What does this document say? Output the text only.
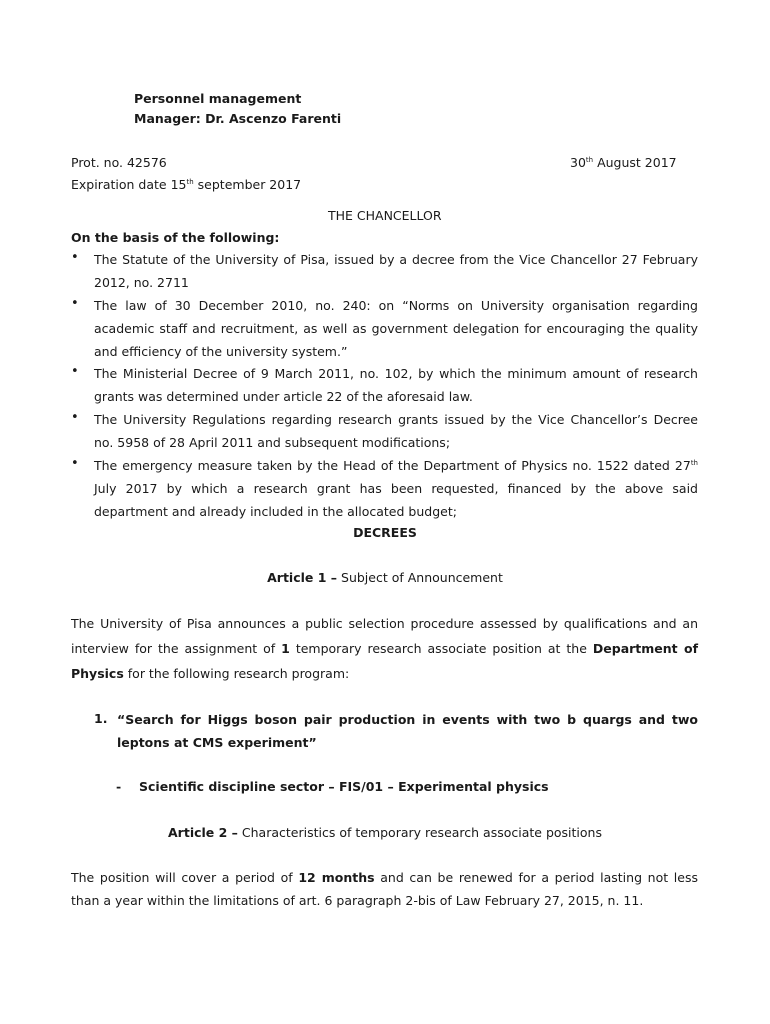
Personnel management
Manager: Dr. Ascenzo Farenti
Prot. no. 42576	30th August 2017
Expiration date 15th september 2017
THE CHANCELLOR
On the basis of the following:
• The Statute of the University of Pisa, issued by a decree from the Vice Chancellor 27 February 2012, no. 2711
• The law of 30 December 2010, no. 240: on “Norms on University organisation regarding academic staff and recruitment, as well as government delegation for encouraging the quality and efficiency of the university system.”
• The Ministerial Decree of 9 March 2011, no. 102, by which the minimum amount of research grants was determined under article 22 of the aforesaid law.
• The University Regulations regarding research grants issued by the Vice Chancellor’s Decree no. 5958 of 28 April 2011 and subsequent modifications;
• The emergency measure taken by the Head of the Department of Physics no. 1522 dated 27th July 2017 by which a research grant has been requested, financed by the above said department and already included in the allocated budget;
DECREES
Article 1 – Subject of Announcement
The University of Pisa announces a public selection procedure assessed by qualifications and an interview for the assignment of 1 temporary research associate position at the Department of Physics for the following research program:
1. “Search for Higgs boson pair production in events with two b quargs and two leptons at CMS experiment”
- Scientific discipline sector – FIS/01 – Experimental physics
Article 2 – Characteristics of temporary research associate positions
The position will cover a period of 12 months and can be renewed for a period lasting not less than a year within the limitations of art. 6 paragraph 2-bis of Law February 27, 2015, n. 11.
